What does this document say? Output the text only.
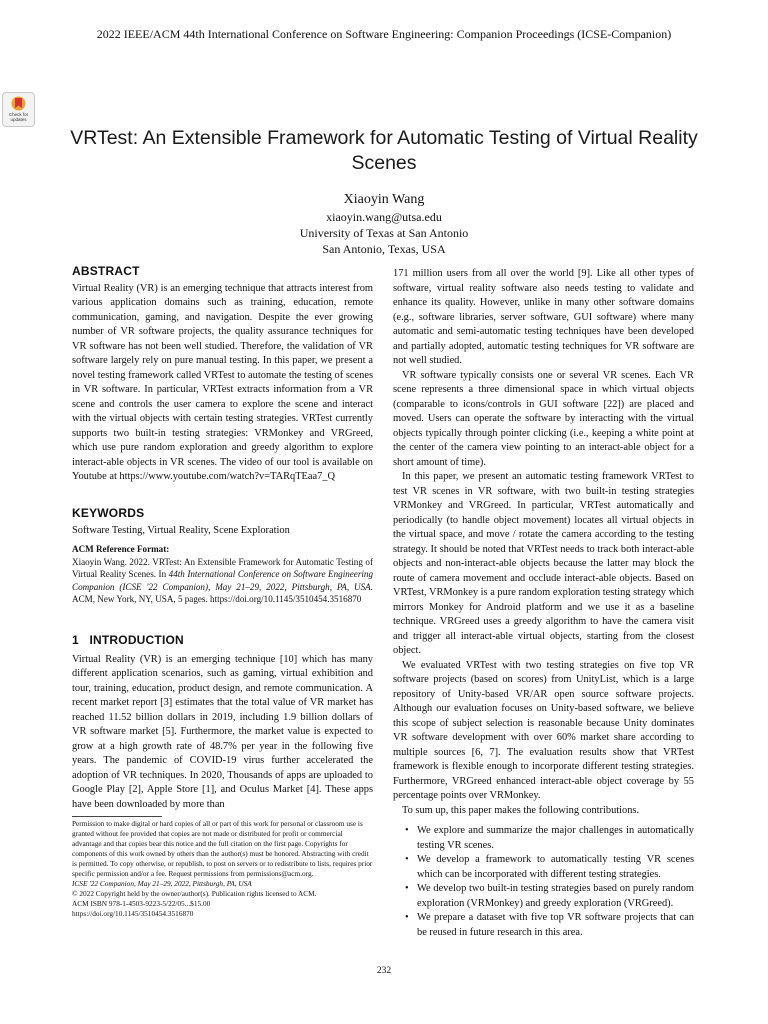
2022 IEEE/ACM 44th International Conference on Software Engineering: Companion Proceedings (ICSE-Companion)
Check for updates
VRTest: An Extensible Framework for Automatic Testing of Virtual Reality Scenes
Xiaoyin Wang
xiaoyin.wang@utsa.edu
University of Texas at San Antonio
San Antonio, Texas, USA
ABSTRACT

Virtual Reality (VR) is an emerging technique that attracts interest from various application domains such as training, education, remote communication, gaming, and navigation. Despite the ever growing number of VR software projects, the quality assurance techniques for VR software has not been well studied. Therefore, the validation of VR software largely rely on pure manual testing. In this paper, we present a novel testing framework called VRTest to automate the testing of scenes in VR software. In particular, VRTest extracts information from a VR scene and controls the user camera to explore the scene and interact with the virtual objects with certain testing strategies. VRTest currently supports two built-in testing strategies: VRMonkey and VRGreed, which use pure random exploration and greedy algorithm to explore interact-able objects in VR scenes. The video of our tool is available on Youtube at https://www.youtube.com/watch?v=TARqTEaa7_Q

KEYWORDS

Software Testing, Virtual Reality, Scene Exploration

ACM Reference Format:

Xiaoyin Wang. 2022. VRTest: An Extensible Framework for Automatic Testing of Virtual Reality Scenes. In 44th International Conference on Software Engineering Companion (ICSE '22 Companion), May 21–29, 2022, Pittsburgh, PA, USA. ACM, New York, NY, USA, 5 pages. https://doi.org/10.1145/3510454.3516870

1 INTRODUCTION

Virtual Reality (VR) is an emerging technique [10] which has many different application scenarios, such as gaming, virtual exhibition and tour, training, education, product design, and remote communication. A recent market report [3] estimates that the total value of VR market has reached 11.52 billion dollars in 2019, including 1.9 billion dollars of VR software market [5]. Furthermore, the market value is expected to grow at a high growth rate of 48.7% per year in the following five years. The pandemic of COVID-19 virus further accelerated the adoption of VR techniques. In 2020, Thousands of apps are uploaded to Google Play [2], Apple Store [1], and Oculus Market [4]. These apps have been downloaded by more than

Permission to make digital or hard copies of all or part of this work for personal or classroom use is granted without fee provided that copies are not made or distributed for profit or commercial advantage and that copies bear this notice and the full citation on the first page. Copyrights for components of this work owned by others than the author(s) must be honored. Abstracting with credit is permitted. To copy otherwise, or republish, to post on servers or to redistribute to lists, requires prior specific permission and/or a fee. Request permissions from permissions@acm.org.

ICSE '22 Companion, May 21–29, 2022, Pittsburgh, PA, USA

© 2022 Copyright held by the owner/author(s). Publication rights licensed to ACM.

ACM ISBN 978-1-4503-9223-5/22/05...$15.00

https://doi.org/10.1145/3510454.3516870

171 million users from all over the world [9]. Like all other types of software, virtual reality software also needs testing to validate and enhance its quality. However, unlike in many other software domains (e.g., software libraries, server software, GUI software) where many automatic and semi-automatic testing techniques have been developed and partially adopted, automatic testing techniques for VR software are not well studied.

VR software typically consists one or several VR scenes. Each VR scene represents a three dimensional space in which virtual objects (comparable to icons/controls in GUI software [22]) are placed and moved. Users can operate the software by interacting with the virtual objects typically through pointer clicking (i.e., keeping a white point at the center of the camera view pointing to an interact-able object for a short amount of time).

In this paper, we present an automatic testing framework VRTest to test VR scenes in VR software, with two built-in testing strategies VRMonkey and VRGreed. In particular, VRTest automatically and periodically (to handle object movement) locates all virtual objects in the virtual space, and move / rotate the camera according to the testing strategy. It should be noted that VRTest needs to track both interact-able objects and non-interact-able objects because the latter may block the route of camera movement and occlude interact-able objects. Based on VRTest, VRMonkey is a pure random exploration testing strategy which mirrors Monkey for Android platform and we use it as a baseline technique. VRGreed uses a greedy algorithm to have the camera visit and trigger all interact-able virtual objects, starting from the closest object.

We evaluated VRTest with two testing strategies on five top VR software projects (based on scores) from UnityList, which is a large repository of Unity-based VR/AR open source software projects. Although our evaluation focuses on Unity-based software, we believe this scope of subject selection is reasonable because Unity dominates VR software development with over 60% market share according to multiple sources [6, 7]. The evaluation results show that VRTest framework is flexible enough to incorporate different testing strategies. Furthermore, VRGreed enhanced interact-able object coverage by 55 percentage points over VRMonkey.

To sum up, this paper makes the following contributions.

• We explore and summarize the major challenges in automatically testing VR scenes.
• We develop a framework to automatically testing VR scenes which can be incorporated with different testing strategies.
• We develop two built-in testing strategies based on purely random exploration (VRMonkey) and greedy exploration (VRGreed).
• We prepare a dataset with five top VR software projects that can be reused in future research in this area.
232
